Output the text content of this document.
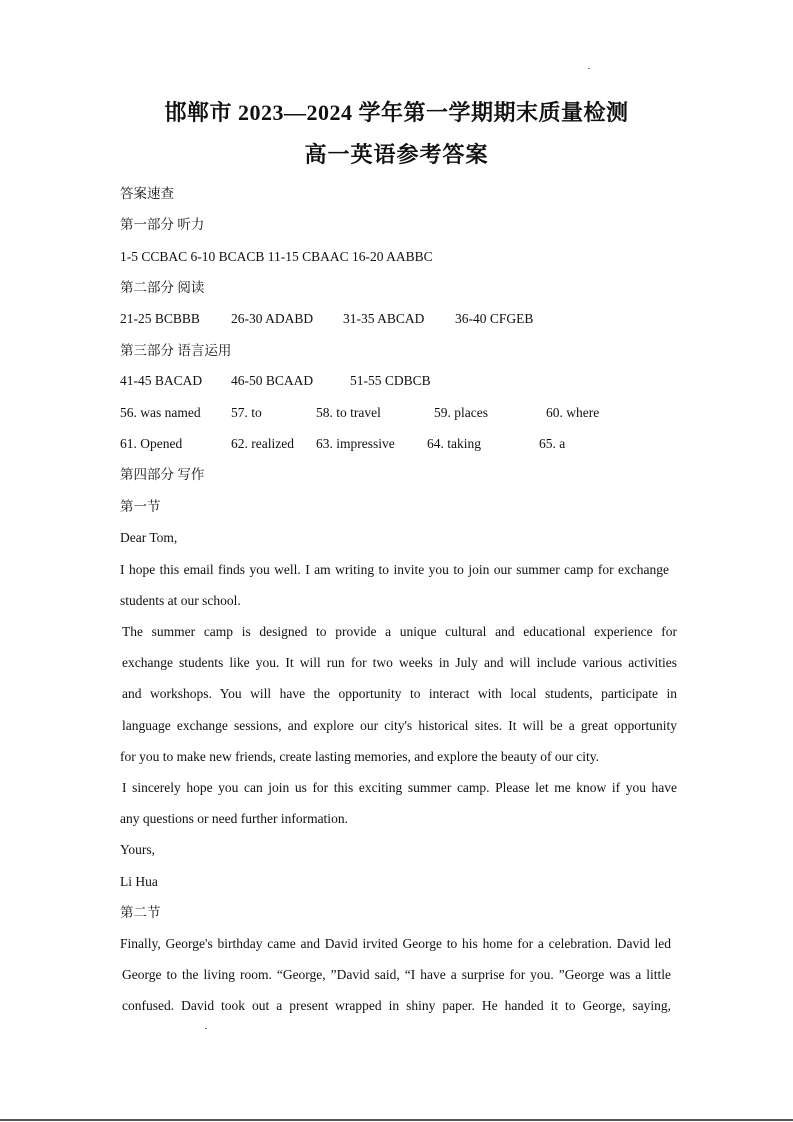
邯郸市 2023—2024 学年第一学期期末质量检测
高一英语参考答案
答案速查
第一部分 听力
1-5 CCBAC 6-10 BCACB 11-15 CBAAC 16-20 AABBC
第二部分 阅读
21-25 BCBBB 26-30 ADABD 31-35 ABCAD 36-40 CFGEB
第三部分 语言运用
41-45 BACAD 46-50 BCAAD	51-55 CDBCB
56. was named 57. to	58. to travel	59. places	60. where
61. Opened	62. realized 63. impressive 64. taking	65. a
第四部分 写作
第一节
Dear Tom,
I hope this email finds you well. I am writing to invite you to join our summer camp for exchange
students at our school.
The summer camp is designed to provide a unique cultural and educational experience for
exchange students like you. It will run for two weeks in July and will include various activities
and workshops. You will have the opportunity to interact with local students, participate in
language exchange sessions, and explore our city's historical sites. It will be a great opportunity
for you to make new friends, create lasting memories, and explore the beauty of our city.
I sincerely hope you can join us for this exciting summer camp. Please let me know if you have
any questions or need further information.
Yours,
Li Hua
第二节
Finally, George's birthday came and David irvited George to his home for a celebration. David led
George to the living room. “George, ”David said, “I have a surprise for you. ”George was a little
confused. David took out a present wrapped in shiny paper. He handed it to George, saying,
